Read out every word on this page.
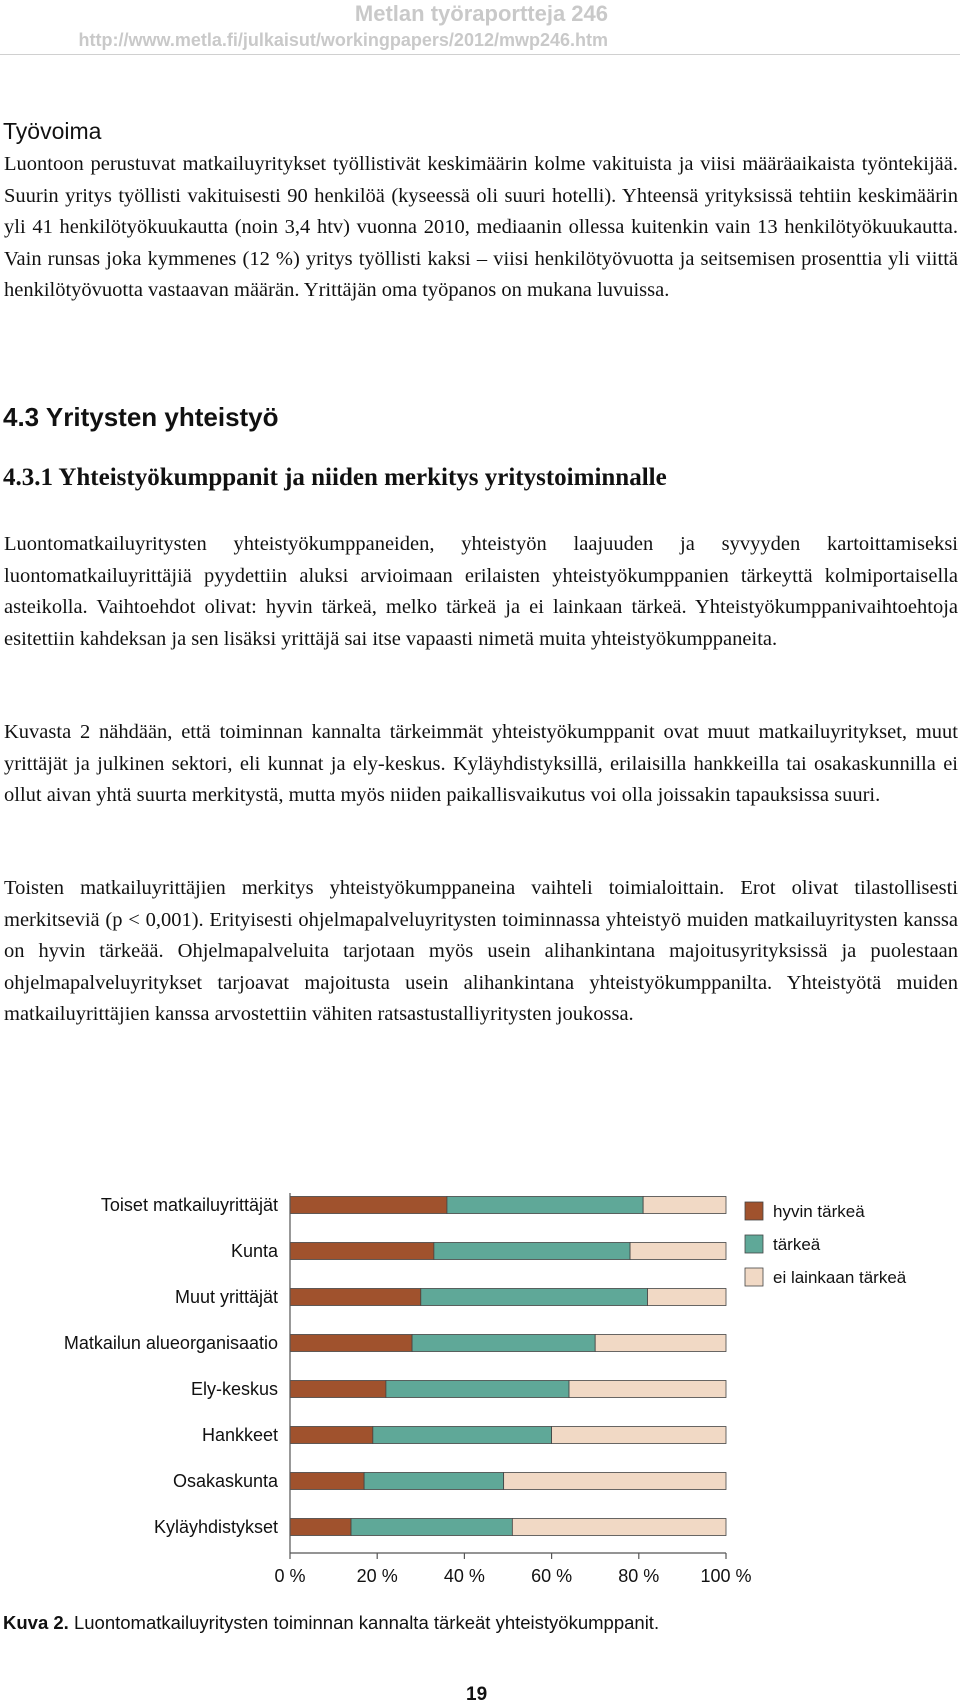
Metlan työraportteja 246
http://www.metla.fi/julkaisut/workingpapers/2012/mwp246.htm
Työvoima

Luontoon perustuvat matkailuyritykset työllistivät keskimäärin kolme vakituista ja viisi määräaikaista työntekijää. Suurin yritys työllisti vakituisesti 90 henkilöä (kyseessä oli suuri hotelli). Yhteensä yrityksissä tehtiin keskimäärin yli 41 henkilötyökuukautta (noin 3,4 htv) vuonna 2010, mediaanin ollessa kuitenkin vain 13 henkilötyökuukautta. Vain runsas joka kymmenes (12 %) yritys työllisti kaksi – viisi henkilötyövuotta ja seitsemisen prosenttia yli viittä henkilötyövuotta vastaavan määrän. Yrittäjän oma työpanos on mukana luvuissa.

4.3 Yritysten yhteistyö
4.3.1 Yhteistyökumppanit ja niiden merkitys yritystoiminnalle

Luontomatkailuyritysten yhteistyökumppaneiden, yhteistyön laajuuden ja syvyyden kartoittamiseksi luontomatkailuyrittäjiä pyydettiin aluksi arvioimaan erilaisten yhteistyökumppanien tärkeyttä kolmiportaisella asteikolla. Vaihtoehdot olivat: hyvin tärkeä, melko tärkeä ja ei lainkaan tärkeä. Yhteistyökumppanivaihtoehtoja esitettiin kahdeksan ja sen lisäksi yrittäjä sai itse vapaasti nimetä muita yhteistyökumppaneita.

Kuvasta 2 nähdään, että toiminnan kannalta tärkeimmät yhteistyökumppanit ovat muut matkailuyritykset, muut yrittäjät ja julkinen sektori, eli kunnat ja ely-keskus. Kyläyhdistyksillä, erilaisilla hankkeilla tai osakaskunnilla ei ollut aivan yhtä suurta merkitystä, mutta myös niiden paikallisvaikutus voi olla joissakin tapauksissa suuri.

Toisten matkailuyrittäjien merkitys yhteistyökumppaneina vaihteli toimialoittain. Erot olivat tilastollisesti merkitseviä (p < 0,001). Erityisesti ohjelmapalveluyritysten toiminnassa yhteistyö muiden matkailuyritysten kanssa on hyvin tärkeää. Ohjelmapalveluita tarjotaan myös usein alihankintana majoitusyrityksissä ja puolestaan ohjelmapalveluyritykset tarjoavat majoitusta usein alihankintana yhteistyökumppanilta. Yhteistyötä muiden matkailuyrittäjien kanssa arvostettiin vähiten ratsastustalliyritysten joukossa.

Toiset matkailuyrittäjät
Kunta
Muut yrittäjät
Matkailun alueorganisaatio
Ely-keskus
Hankkeet
Osakaskunta
Kyläyhdistykset
0 %	20 %	40 %	60 %	80 % 100 %
hyvin tärkeä
tärkeä
ei lainkaan tärkeä
Kuva 2. Luontomatkailuyritysten toiminnan kannalta tärkeät yhteistyökumppanit.
19
